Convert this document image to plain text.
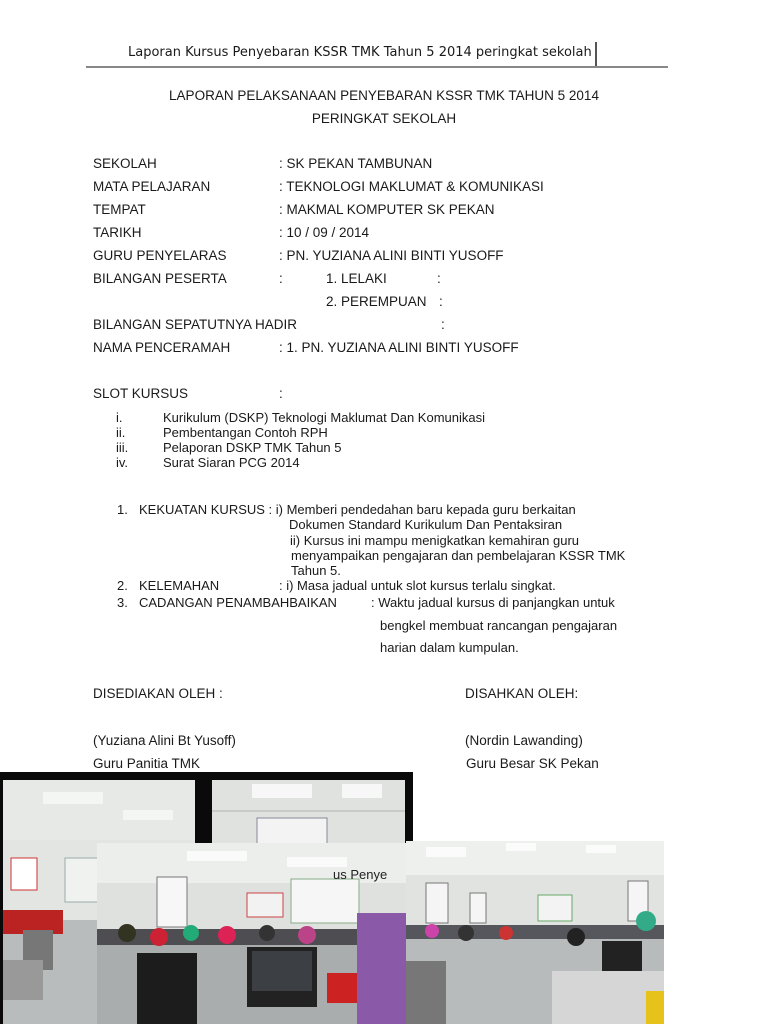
Laporan Kursus Penyebaran KSSR TMK Tahun 5 2014 peringkat sekolah
LAPORAN PELAKSANAAN PENYEBARAN KSSR TMK TAHUN 5 2014
PERINGKAT SEKOLAH
SEKOLAH	: SK PEKAN TAMBUNAN
MATA PELAJARAN	: TEKNOLOGI MAKLUMAT & KOMUNIKASI
TEMPAT	: MAKMAL KOMPUTER SK PEKAN
TARIKH	: 10 / 09 / 2014
GURU PENYELARAS	: PN. YUZIANA ALINI BINTI YUSOFF
BILANGAN PESERTA	:	1. LELAKI	:
2. PEREMPUAN :
BILANGAN SEPATUTNYA HADIR	:
NAMA PENCERAMAH	: 1. PN. YUZIANA ALINI BINTI YUSOFF
SLOT KURSUS	:
i.	Kurikulum (DSKP) Teknologi Maklumat Dan Komunikasi
ii.	Pembentangan Contoh RPH
iii.	Pelaporan DSKP TMK Tahun 5
iv.	Surat Siaran PCG 2014
1. KEKUATAN KURSUS : i) Memberi pendedahan baru kepada guru berkaitan
Dokumen Standard Kurikulum Dan Pentaksiran
ii) Kursus ini mampu menigkatkan kemahiran guru
menyampaikan pengajaran dan pembelajaran KSSR TMK
Tahun 5.
2. KELEMAHAN	: i) Masa jadual untuk slot kursus terlalu singkat.
3. CADANGAN PENAMBAHBAIKAN	: Waktu jadual kursus di panjangkan untuk
bengkel membuat rancangan pengajaran
harian dalam kumpulan.
DISEDIAKAN OLEH :	DISAHKAN OLEH:
(Yuziana Alini Bt Yusoff)	(Nordin Lawanding)
Guru Panitia TMK	Guru Besar SK Pekan
us Penye
